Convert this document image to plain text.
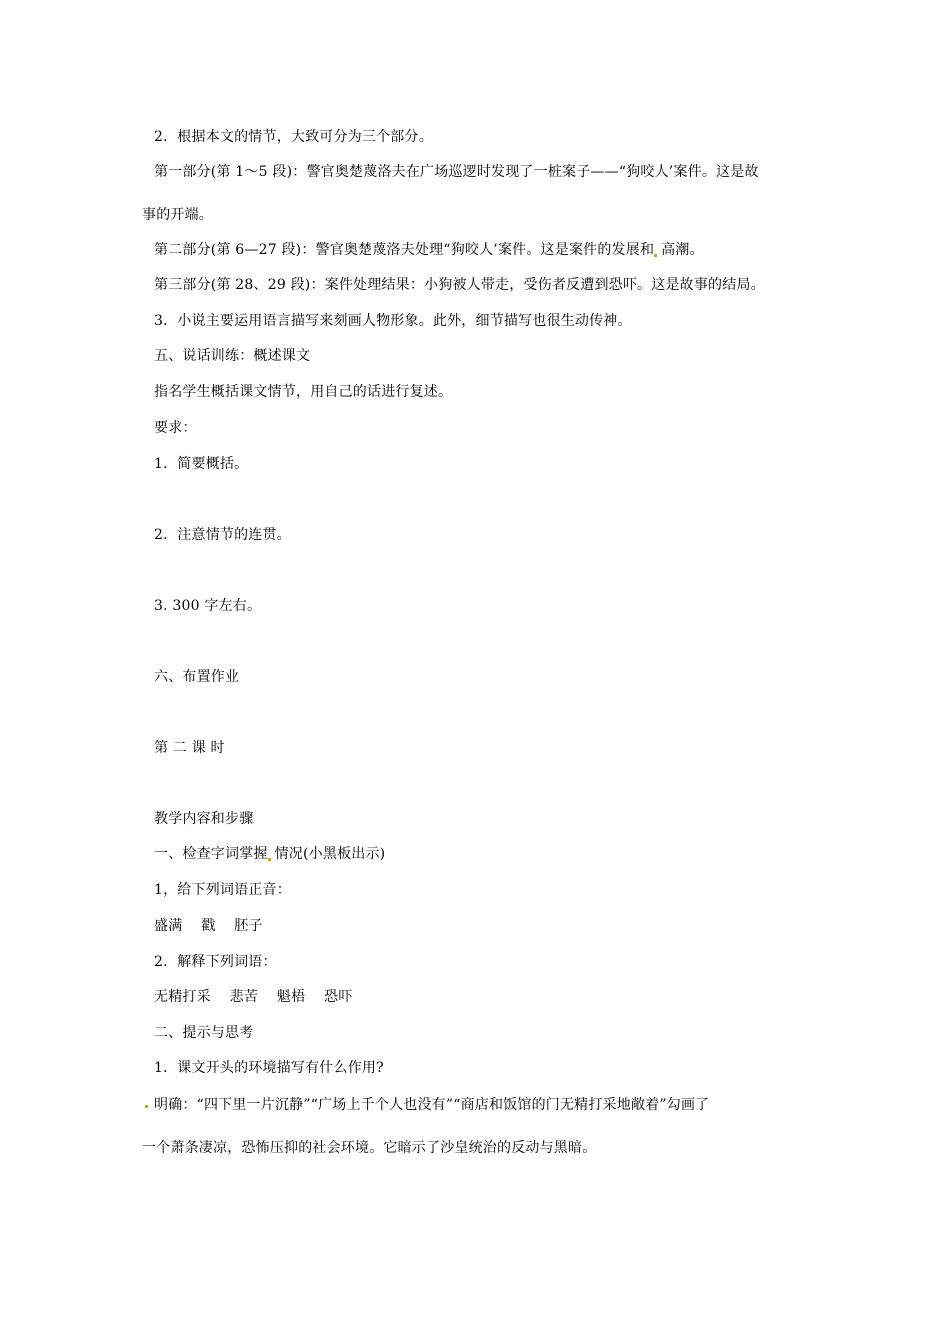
2．根据本文的情节，大致可分为三个部分。
第一部分(第 1～5 段)：警官奥楚蔑洛夫在广场巡逻时发现了一桩案子——“狗咬人’案件。这是故
事的开端。
第二部分(第 6—27 段)：警官奥楚蔑洛夫处理“狗咬人’案件。这是案件的发展和 高潮。
第三部分(第 28、29 段)：案件处理结果：小狗被人带走，受伤者反遭到恐吓。这是故事的结局。
3．小说主要运用语言描写来刻画人物形象。此外，细节描写也很生动传神。
五、说话训练：概述课文
指名学生概括课文情节，用自己的话进行复述。
要求：
1．简要概括。
2．注意情节的连贯。
3. 300 字左右。
六、布置作业
第 二 课 时
教学内容和步骤
一、检查字词掌握 情况(小黑板出示)
1，给下列词语正音：
盛满　 戳　 胚子
2．解释下列词语：
无精打采　 悲苦　 魁梧　 恐吓
二、提示与思考
1．课文开头的环境描写有什么作用?
明确：“四下里一片沉静”“广场上千个人也没有”“商店和饭馆的门无精打采地敞着”勾画了
一个萧条凄凉，恐怖压抑的社会环境。它暗示了沙皇统治的反动与黑暗。
